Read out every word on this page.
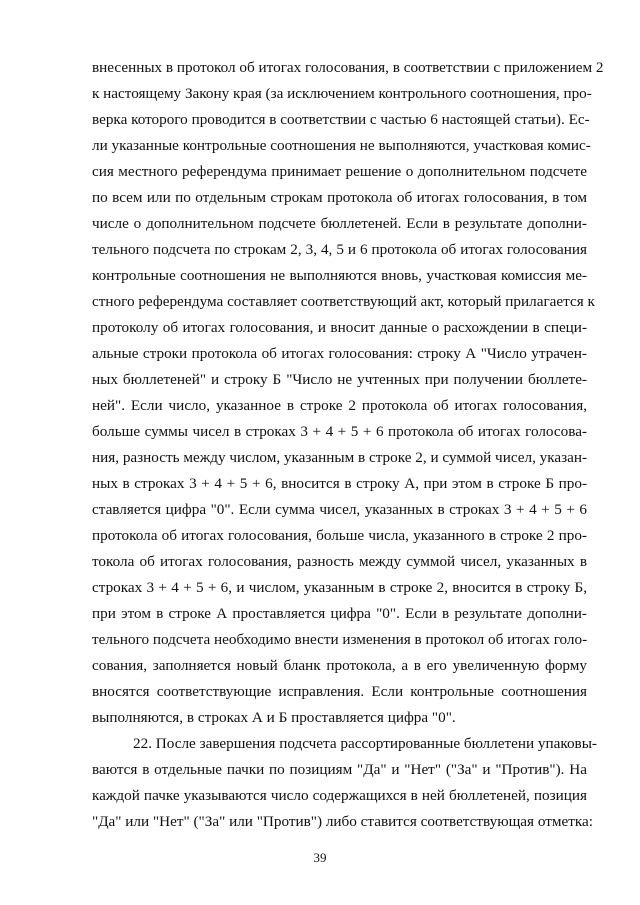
внесенных в протокол об итогах голосования, в соответствии с приложением 2
к настоящему Закону края (за исключением контрольного соотношения, про-
верка которого проводится в соответствии с частью 6 настоящей статьи). Ес-
ли указанные контрольные соотношения не выполняются, участковая комис-
сия местного референдума принимает решение о дополнительном подсчете
по всем или по отдельным строкам протокола об итогах голосования, в том
числе о дополнительном подсчете бюллетеней. Если в результате дополни-
тельного подсчета по строкам 2, 3, 4, 5 и 6 протокола об итогах голосования
контрольные соотношения не выполняются вновь, участковая комиссия ме-
стного референдума составляет соответствующий акт, который прилагается к
протоколу об итогах голосования, и вносит данные о расхождении в специ-
альные строки протокола об итогах голосования: строку А "Число утрачен-
ных бюллетеней" и строку Б "Число не учтенных при получении бюллете-
ней". Если число, указанное в строке 2 протокола об итогах голосования,
больше суммы чисел в строках 3 + 4 + 5 + 6 протокола об итогах голосова-
ния, разность между числом, указанным в строке 2, и суммой чисел, указан-
ных в строках 3 + 4 + 5 + 6, вносится в строку А, при этом в строке Б про-
ставляется цифра "0". Если сумма чисел, указанных в строках 3 + 4 + 5 + 6
протокола об итогах голосования, больше числа, указанного в строке 2 про-
токола об итогах голосования, разность между суммой чисел, указанных в
строках 3 + 4 + 5 + 6, и числом, указанным в строке 2, вносится в строку Б,
при этом в строке А проставляется цифра "0". Если в результате дополни-
тельного подсчета необходимо внести изменения в протокол об итогах голо-
сования, заполняется новый бланк протокола, а в его увеличенную форму
вносятся соответствующие исправления. Если контрольные соотношения
выполняются, в строках А и Б проставляется цифра "0".
22. После завершения подсчета рассортированные бюллетени упаковы-
ваются в отдельные пачки по позициям "Да" и "Нет" ("За" и "Против"). На
каждой пачке указываются число содержащихся в ней бюллетеней, позиция
"Да" или "Нет" ("За" или "Против") либо ставится соответствующая отметка:
39
